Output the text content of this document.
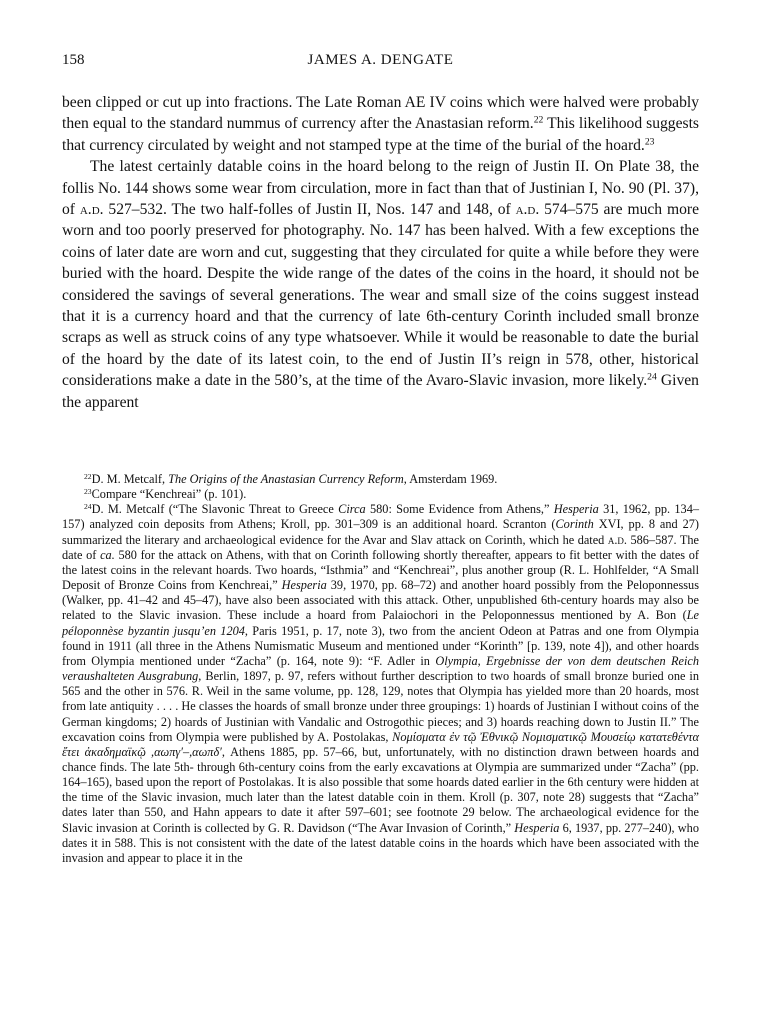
158	JAMES A. DENGATE

been clipped or cut up into fractions. The Late Roman AE IV coins which were halved were probably then equal to the standard nummus of currency after the Anastasian reform.$^{22}$ This likelihood suggests that currency circulated by weight and not stamped type at the time of the burial of the hoard.$^{23}$

The latest certainly datable coins in the hoard belong to the reign of Justin II. On Plate 38, the follis No. 144 shows some wear from circulation, more in fact than that of Justinian I, No. 90 (Pl. 37), of a.d. 527–532. The two half-folles of Justin II, Nos. 147 and 148, of a.d. 574–575 are much more worn and too poorly preserved for photography. No. 147 has been halved. With a few exceptions the coins of later date are worn and cut, suggesting that they circulated for quite a while before they were buried with the hoard. Despite the wide range of the dates of the coins in the hoard, it should not be considered the savings of several generations. The wear and small size of the coins suggest instead that it is a currency hoard and that the currency of late 6th-century Corinth included small bronze scraps as well as struck coins of any type whatsoever. While it would be reasonable to date the burial of the hoard by the date of its latest coin, to the end of Justin II’s reign in 578, other, historical considerations make a date in the 580’s, at the time of the Avaro-Slavic invasion, more likely.$^{24}$ Given the apparent

$^{22}$D. M. Metcalf, The Origins of the Anastasian Currency Reform, Amsterdam 1969.

$^{23}$Compare “Kenchreai” (p. 101).

$^{24}$D. M. Metcalf (“The Slavonic Threat to Greece Circa 580: Some Evidence from Athens,” Hesperia 31, 1962, pp. 134–157) analyzed coin deposits from Athens; Kroll, pp. 301–309 is an additional hoard. Scranton (Corinth XVI, pp. 8 and 27) summarized the literary and archaeological evidence for the Avar and Slav attack on Corinth, which he dated a.d. 586–587. The date of ca. 580 for the attack on Athens, with that on Corinth following shortly thereafter, appears to fit better with the dates of the latest coins in the relevant hoards. Two hoards, “Isthmia” and “Kenchreai”, plus another group (R. L. Hohlfelder, “A Small Deposit of Bronze Coins from Kenchreai,” Hesperia 39, 1970, pp. 68–72) and another hoard possibly from the Peloponnessus (Walker, pp. 41–42 and 45–47), have also been associated with this attack. Other, unpublished 6th-century hoards may also be related to the Slavic invasion. These include a hoard from Palaiochori in the Peloponnessus mentioned by A. Bon (Le péloponnèse byzantin jusqu’en 1204, Paris 1951, p. 17, note 3), two from the ancient Odeon at Patras and one from Olympia found in 1911 (all three in the Athens Numismatic Museum and mentioned under “Korinth” [p. 139, note 4]), and other hoards from Olympia mentioned under “Zacha” (p. 164, note 9): “F. Adler in Olympia, Ergebnisse der von dem deutschen Reich veraushalteten Ausgrabung, Berlin, 1897, p. 97, refers without further description to two hoards of small bronze buried one in 565 and the other in 576. R. Weil in the same volume, pp. 128, 129, notes that Olympia has yielded more than 20 hoards, most from late antiquity . . . . He classes the hoards of small bronze under three groupings: 1) hoards of Justinian I without coins of the German kingdoms; 2) hoards of Justinian with Vandalic and Ostrogothic pieces; and 3) hoards reaching down to Justin II.” The excavation coins from Olympia were published by A. Postolakas, Νομίσματα ἐν τῷ Ἐθνικῷ Νομισματικῷ Μουσείῳ κατατεθέντα ἔτει ἀκαδημαϊκῷ ,αωπγ′–,αωπδ′, Athens 1885, pp. 57–66, but, unfortunately, with no distinction drawn between hoards and chance finds. The late 5th- through 6th-century coins from the early excavations at Olympia are summarized under “Zacha” (pp. 164–165), based upon the report of Postolakas. It is also possible that some hoards dated earlier in the 6th century were hidden at the time of the Slavic invasion, much later than the latest datable coin in them. Kroll (p. 307, note 28) suggests that “Zacha” dates later than 550, and Hahn appears to date it after 597–601; see footnote 29 below. The archaeological evidence for the Slavic invasion at Corinth is collected by G. R. Davidson (“The Avar Invasion of Corinth,” Hesperia 6, 1937, pp. 277–240), who dates it in 588. This is not consistent with the date of the latest datable coins in the hoards which have been associated with the invasion and appear to place it in the
